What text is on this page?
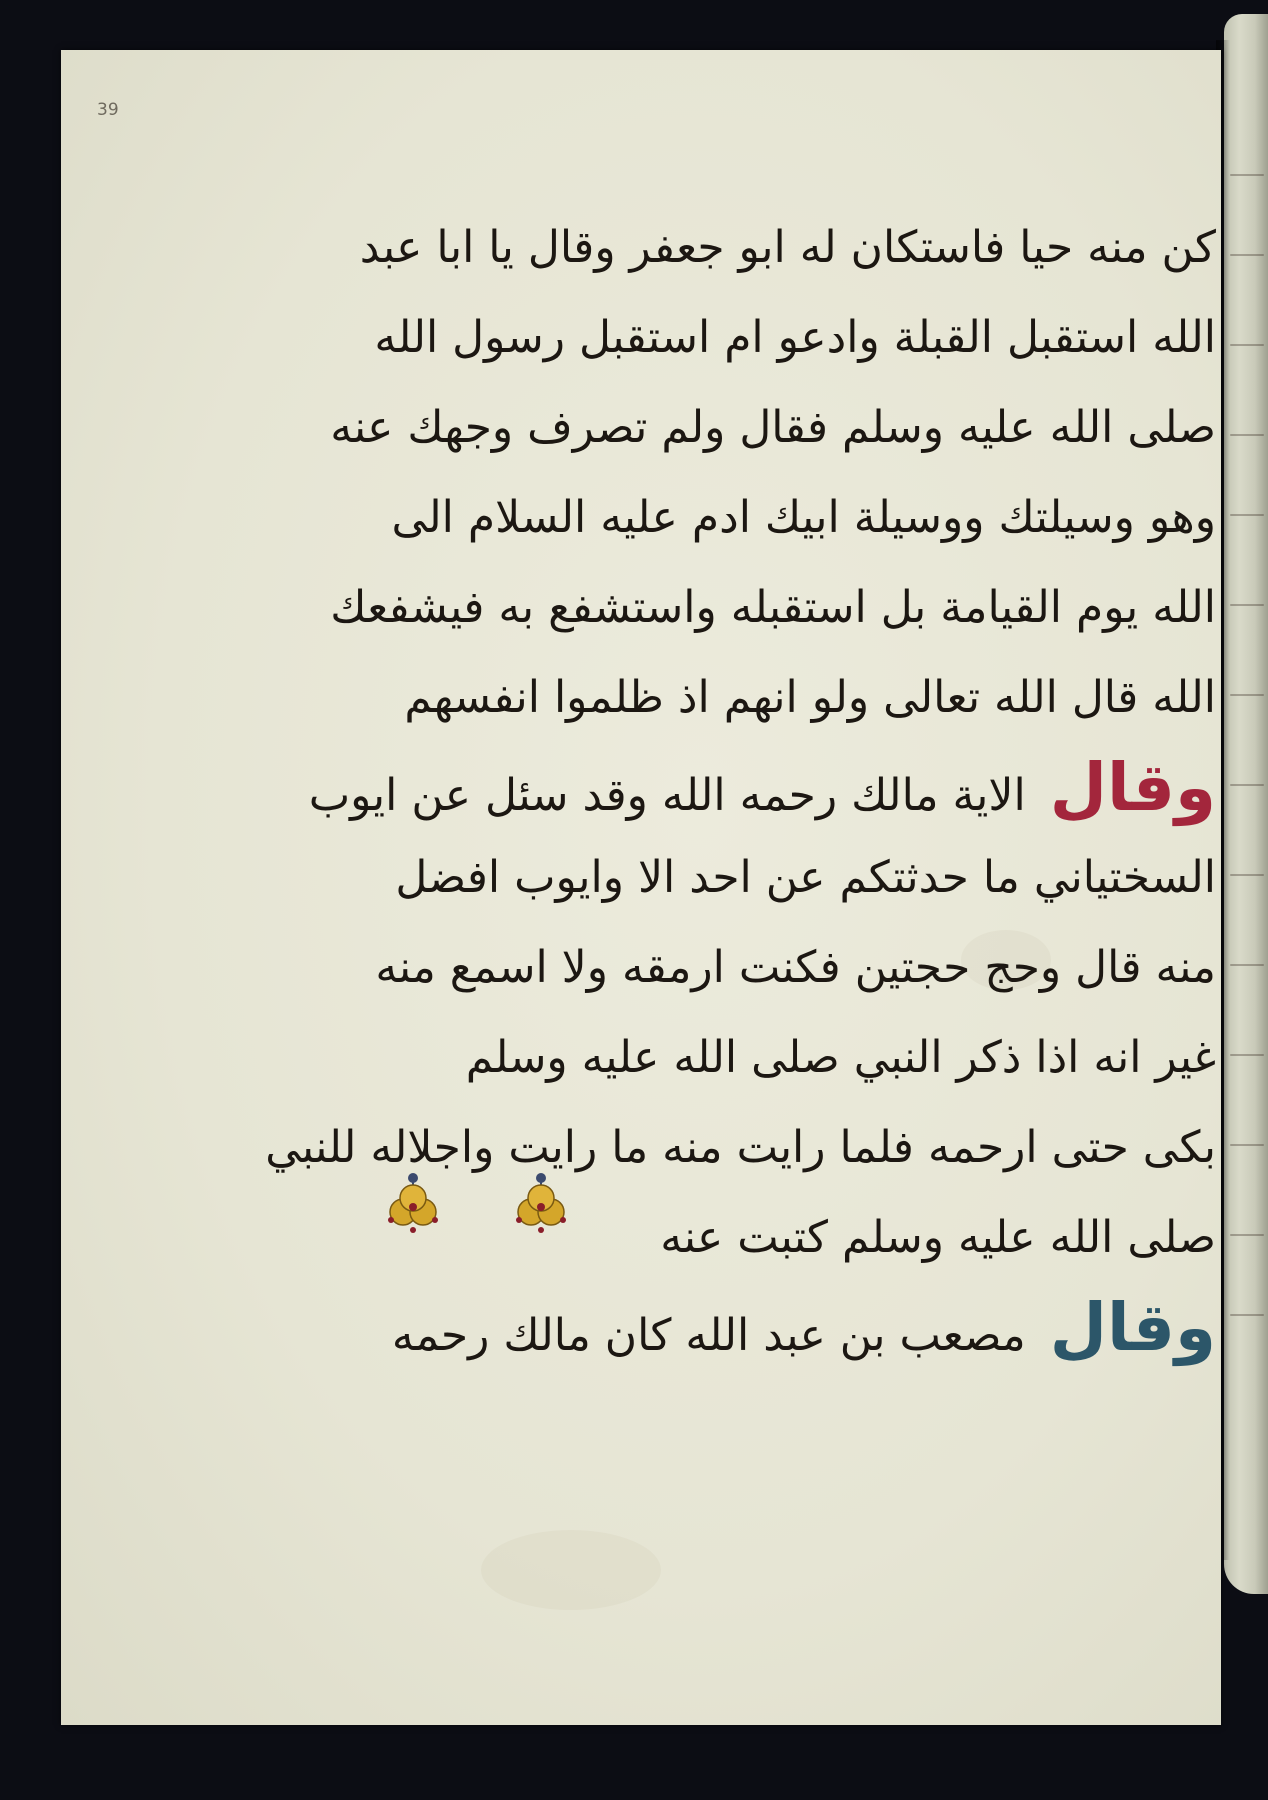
39
كن منه حيا فاستكان له ابو جعفر وقال يا ابا عبد
الله استقبل القبلة وادعو ام استقبل رسول الله
صلى الله عليه وسلم فقال ولم تصرف وجهك عنه
وهو وسيلتك ووسيلة ابيك ادم عليه السلام الى
الله يوم القيامة بل استقبله واستشفع به فيشفعك
الله قال الله تعالى ولو انهم اذ ظلموا انفسهم
وقال الاية مالك رحمه الله وقد سئل عن ايوب
السختياني ما حدثتكم عن احد الا وايوب افضل
منه قال وحج حجتين فكنت ارمقه ولا اسمع منه
غير انه اذا ذكر النبي صلى الله عليه وسلم
بكى حتى ارحمه فلما رايت منه ما رايت واجلاله للنبي
صلى الله عليه وسلم كتبت عنه
وقال مصعب بن عبد الله كان مالك رحمه
